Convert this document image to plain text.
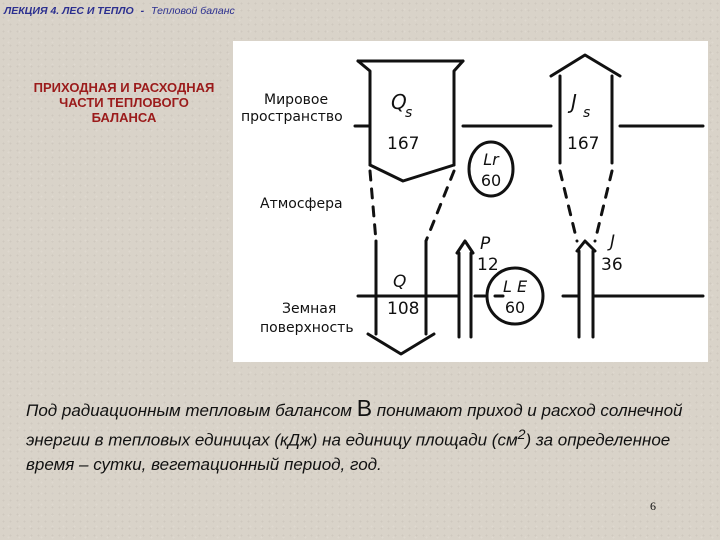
ЛЕКЦИЯ 4. ЛЕС И ТЕПЛО - Тепловой баланс
ПРИХОДНАЯ И РАСХОДНАЯ
ЧАСТИ ТЕПЛОВОГО
БАЛАНСА
Мировое
пространство
Атмосфера
Земная
поверхность
Q
s
167
J s
167
Lr
60
P
12
J
36
Q
108
L E
60
Под радиационным тепловым балансом В понимают приход и расход солнечной энергии в тепловых единицах (кДж) на единицу площади $(см^2)$ за определенное время – сутки, вегетационный период, год.
6
